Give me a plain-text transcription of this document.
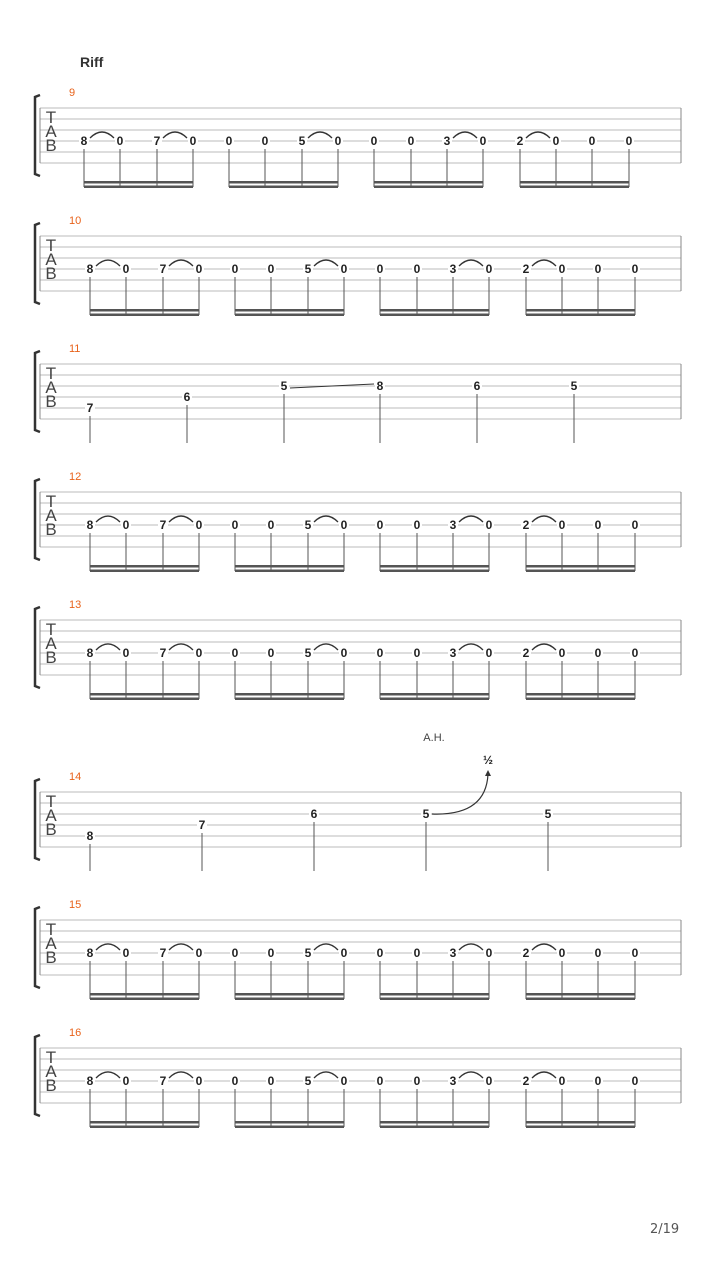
Riff
T
A
B
9
8 0	7 0 0 0	5 0 0	0 3 0	2 0 0	0
T
A
B
10
8 0	7 0 0 0	5 0 0	0 3 0	2 0 0	0
T
A
B
11
7
6
5	8	6	5
T
A
B
12
8 0	7 0 0 0	5 0 0	0 3 0	2 0 0	0
T
A
B
13
8 0	7 0 0 0	5 0 0	0 3 0	2 0 0	0
T
A
B
14
8
7
6	5	5
A.H.
½
T
A
B
15
8 0	7 0 0 0	5 0 0	0 3 0	2 0 0	0
T
A
B
16
8 0	7 0 0 0	5 0 0	0 3 0	2 0 0	0
2/19
